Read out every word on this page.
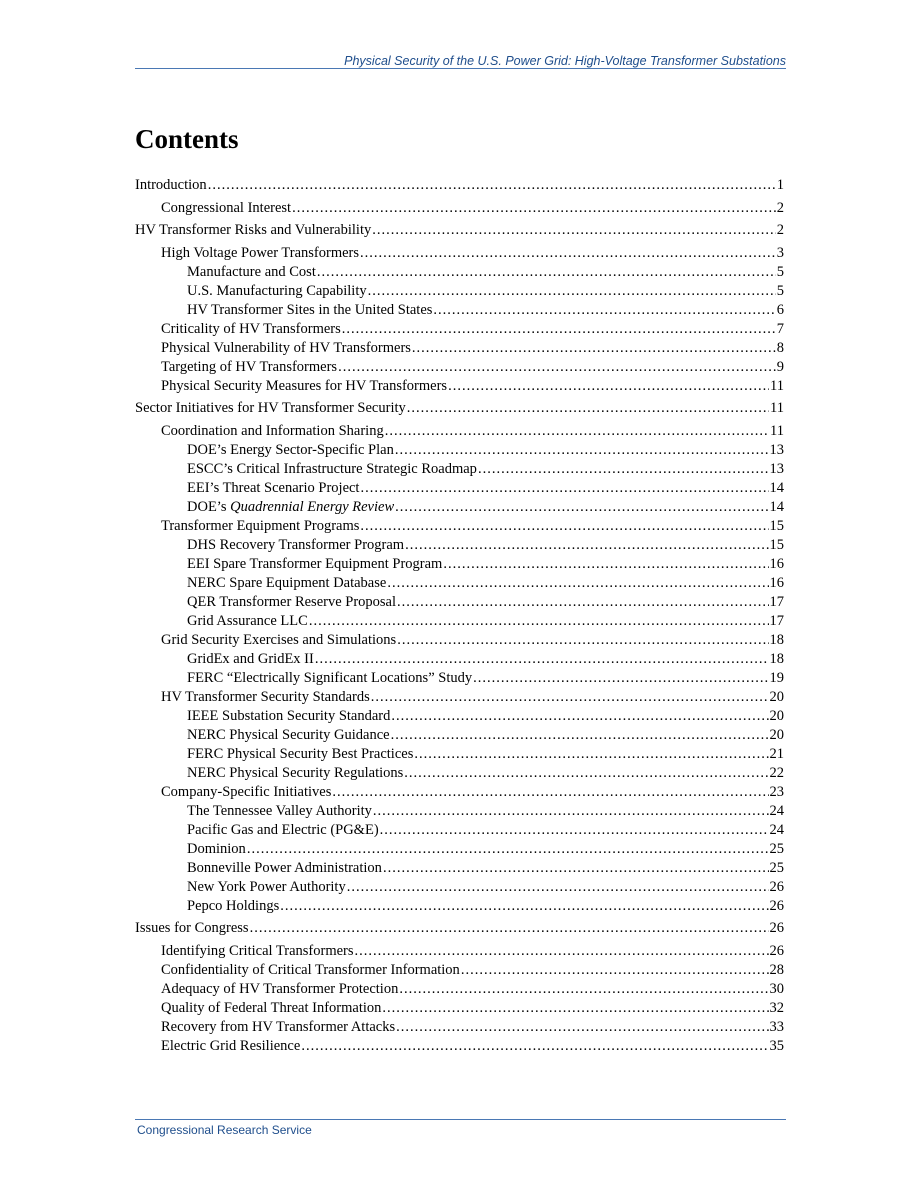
Physical Security of the U.S. Power Grid: High-Voltage Transformer Substations
Contents
Introduction .....	1
Congressional Interest .....	2
HV Transformer Risks and Vulnerability .....	2
High Voltage Power Transformers .....	3
Manufacture and Cost .....	5
U.S. Manufacturing Capability .....	5
HV Transformer Sites in the United States .....	6
Criticality of HV Transformers .....	7
Physical Vulnerability of HV Transformers .....	8
Targeting of HV Transformers .....	9
Physical Security Measures for HV Transformers .....	11
Sector Initiatives for HV Transformer Security .....	11
Coordination and Information Sharing .....	11
DOE’s Energy Sector-Specific Plan .....	13
ESCC’s Critical Infrastructure Strategic Roadmap .....	13
EEI’s Threat Scenario Project .....	14
DOE’s Quadrennial Energy Review .....	14
Transformer Equipment Programs .....	15
DHS Recovery Transformer Program .....	15
EEI Spare Transformer Equipment Program .....	16
NERC Spare Equipment Database .....	16
QER Transformer Reserve Proposal .....	17
Grid Assurance LLC .....	17
Grid Security Exercises and Simulations .....	18
GridEx and GridEx II .....	18
FERC “Electrically Significant Locations” Study .....	19
HV Transformer Security Standards .....	20
IEEE Substation Security Standard .....	20
NERC Physical Security Guidance .....	20
FERC Physical Security Best Practices .....	21
NERC Physical Security Regulations .....	22
Company-Specific Initiatives .....	23
The Tennessee Valley Authority .....	24
Pacific Gas and Electric (PG&E) .....	24
Dominion .....	25
Bonneville Power Administration .....	25
New York Power Authority .....	26
Pepco Holdings .....	26
Issues for Congress .....	26
Identifying Critical Transformers .....	26
Confidentiality of Critical Transformer Information .....	28
Adequacy of HV Transformer Protection .....	30
Quality of Federal Threat Information .....	32
Recovery from HV Transformer Attacks .....	33
Electric Grid Resilience .....	35
Congressional Research Service
